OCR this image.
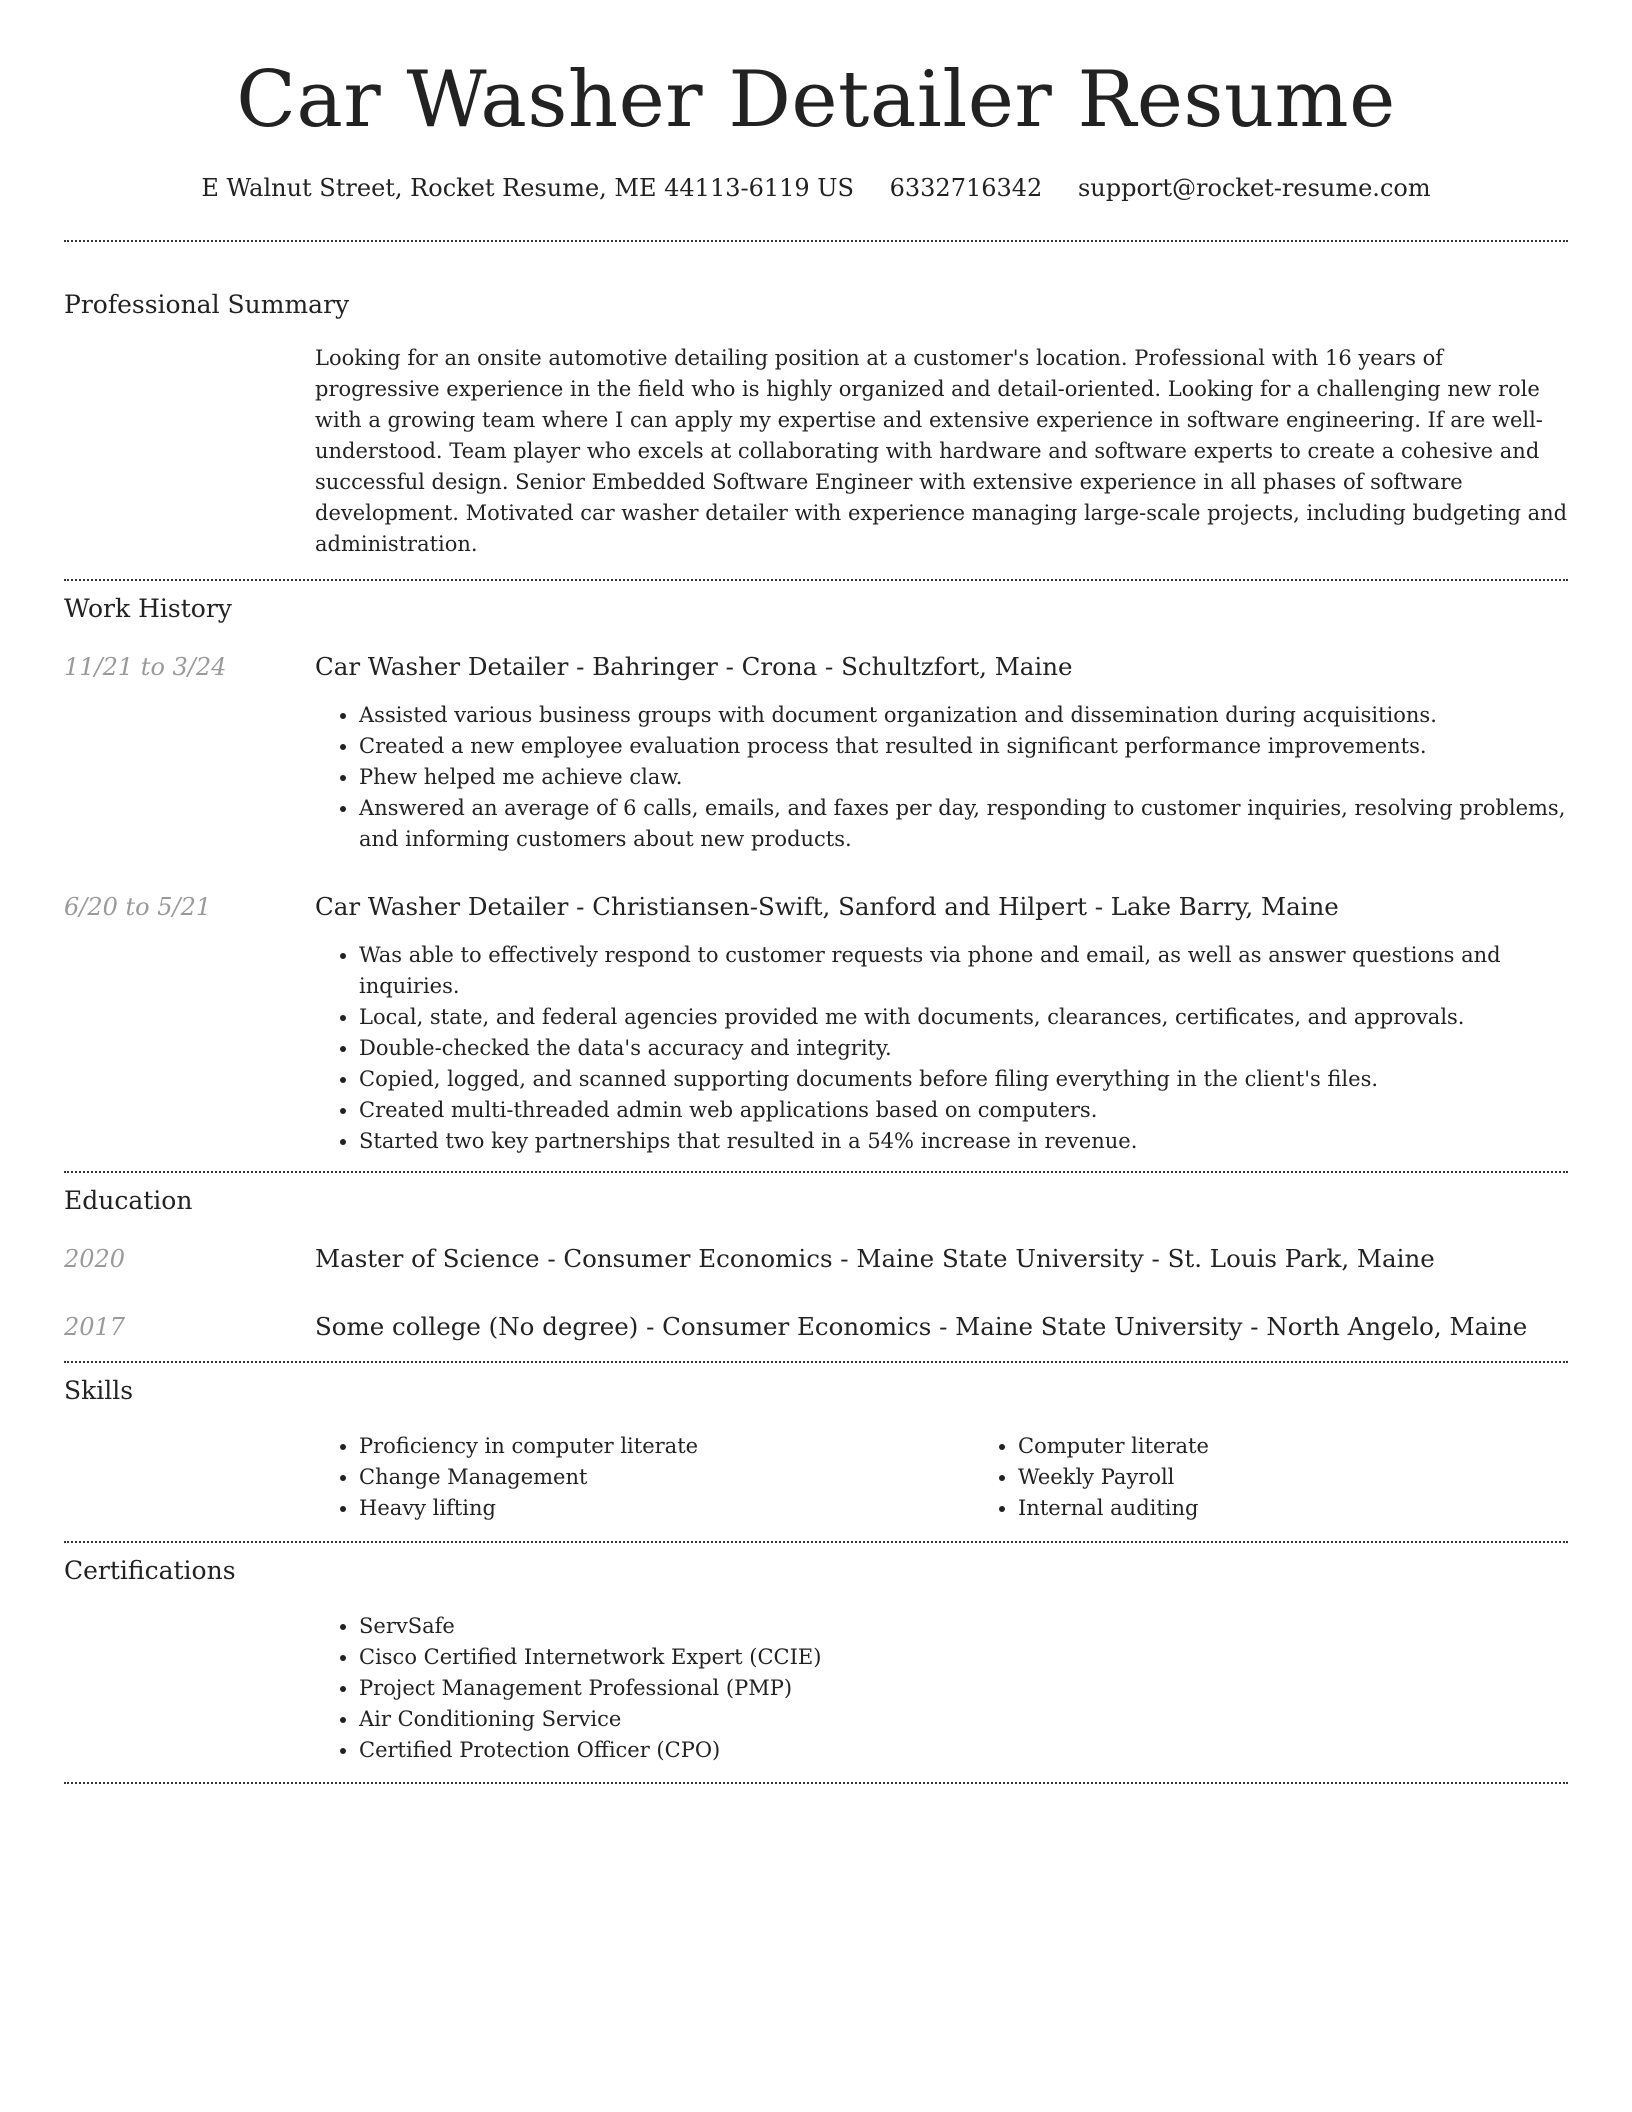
Car Washer Detailer Resume
E Walnut Street, Rocket Resume, ME 44113-6119 US 6332716342 support@rocket-resume.com
Professional Summary

Looking for an onsite automotive detailing position at a customer's location. Professional with 16 years of progressive experience in the field who is highly organized and detail-oriented. Looking for a challenging new role with a growing team where I can apply my expertise and extensive experience in software engineering. If are well-understood. Team player who excels at collaborating with hardware and software experts to create a cohesive and successful design. Senior Embedded Software Engineer with extensive experience in all phases of software development. Motivated car washer detailer with experience managing large-scale projects, including budgeting and administration.

Work History
11/21 to 3/24	Car Washer Detailer - Bahringer - Crona - Schultzfort, Maine
• Assisted various business groups with document organization and dissemination during acquisitions.
• Created a new employee evaluation process that resulted in significant performance improvements.
• Phew helped me achieve claw.
• Answered an average of 6 calls, emails, and faxes per day, responding to customer inquiries, resolving problems, and informing customers about new products.
6/20 to 5/21	Car Washer Detailer - Christiansen-Swift, Sanford and Hilpert - Lake Barry, Maine
• Was able to effectively respond to customer requests via phone and email, as well as answer questions and inquiries.
• Local, state, and federal agencies provided me with documents, clearances, certificates, and approvals.
• Double-checked the data's accuracy and integrity.
• Copied, logged, and scanned supporting documents before filing everything in the client's files.
• Created multi-threaded admin web applications based on computers.
• Started two key partnerships that resulted in a 54% increase in revenue.
Education
2020	Master of Science - Consumer Economics - Maine State University - St. Louis Park, Maine
2017	Some college (No degree) - Consumer Economics - Maine State University - North Angelo, Maine
Skills
• Proficiency in computer literate
• Change Management
• Heavy lifting
• Computer literate
• Weekly Payroll
• Internal auditing
Certifications
• ServSafe
• Cisco Certified Internetwork Expert (CCIE)
• Project Management Professional (PMP)
• Air Conditioning Service
• Certified Protection Officer (CPO)
